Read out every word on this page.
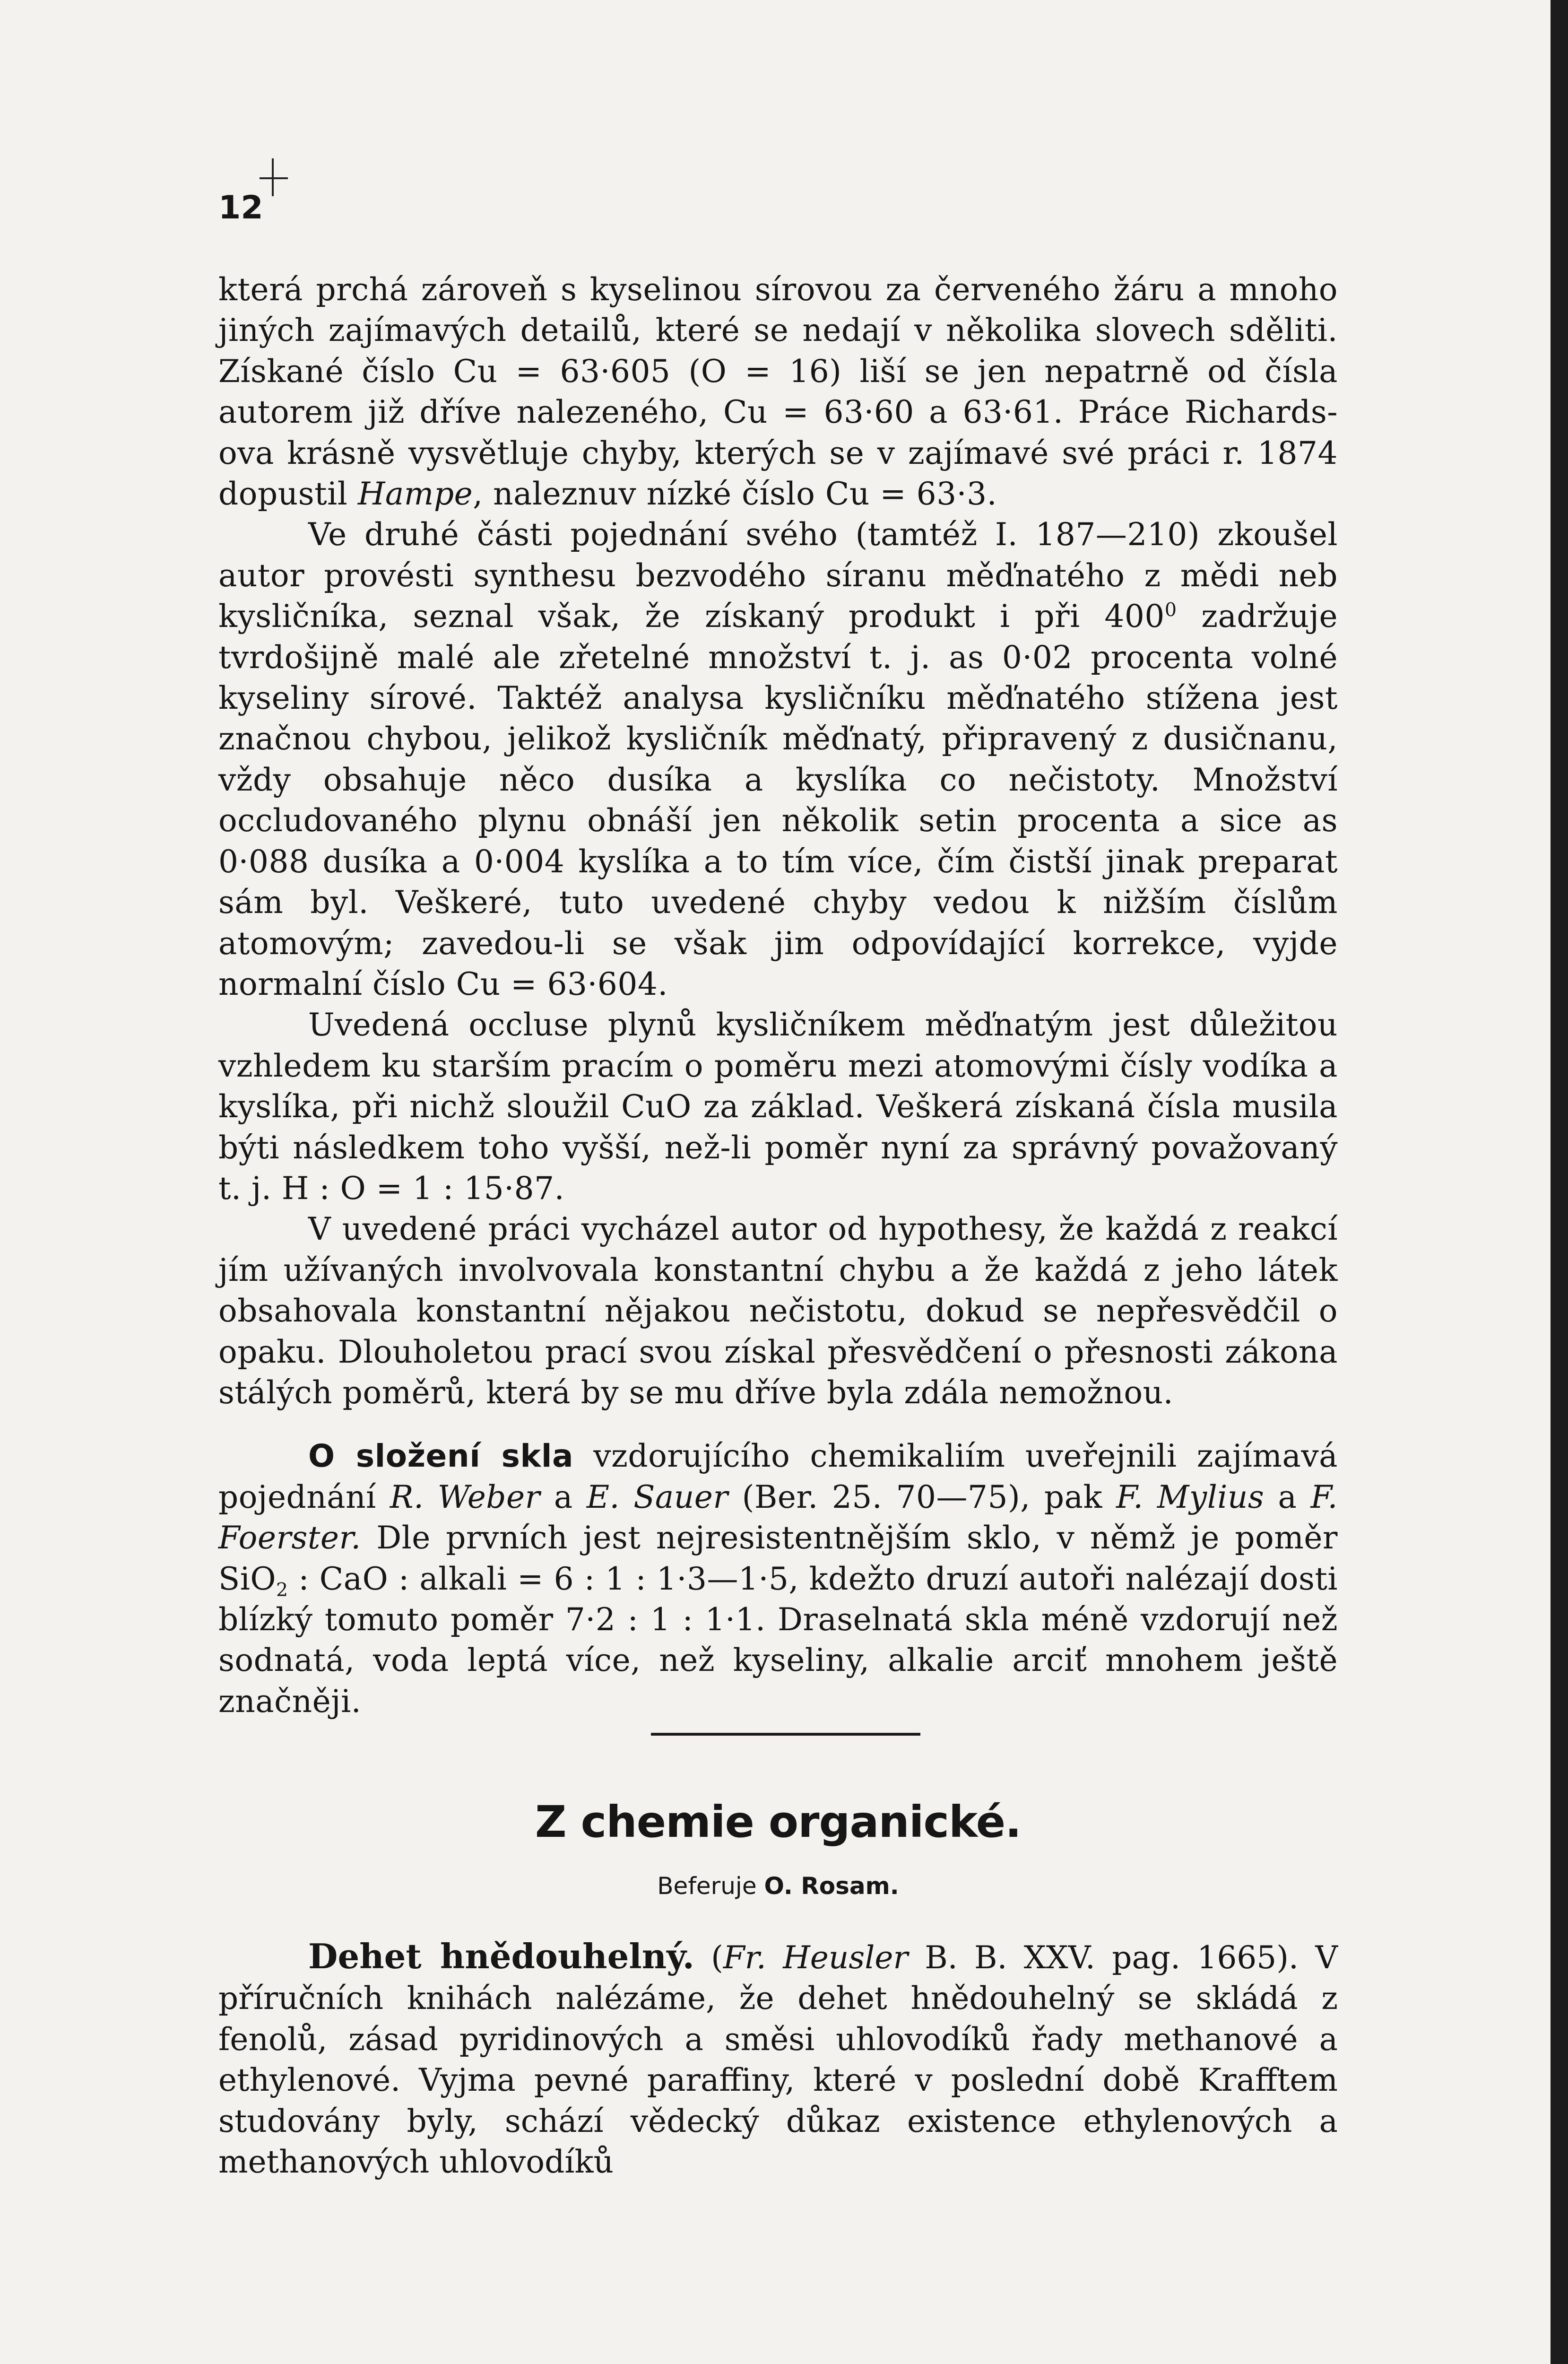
12

která prchá zároveň s kyselinou sírovou za červeného žáru a mnoho jiných zajímavých detailů, které se nedají v několika slovech sděliti. Získané číslo Cu = 63·605 (O = 16) liší se jen nepatrně od čísla autorem již dříve nalezeného, Cu = 63·60 a 63·61. Práce Richards-ova krásně vysvětluje chyby, kterých se v zajímavé své práci r. 1874 dopustil Hampe, naleznuv nízké číslo Cu = 63·3.

Ve druhé části pojednání svého (tamtéž I. 187—210) zkoušel autor provésti synthesu bezvodého síranu měďnatého z mědi neb kysličníka, seznal však, že získaný produkt i při $400^0$ zadržuje tvrdošijně malé ale zřetelné množství t. j. as 0·02 procenta volné kyseliny sírové. Taktéž analysa kysličníku měďnatého stížena jest značnou chybou, jelikož kysličník měďnatý, připravený z dusičnanu, vždy obsahuje něco dusíka a kyslíka co nečistoty. Množství occludovaného plynu obnáší jen několik setin procenta a sice as 0·088 dusíka a 0·004 kyslíka a to tím více, čím čistší jinak preparat sám byl. Veškeré, tuto uvedené chyby vedou k nižším číslům atomovým; zavedou-li se však jim odpovídající korrekce, vyjde normalní číslo Cu = 63·604.

Uvedená occluse plynů kysličníkem měďnatým jest důležitou vzhledem ku starším pracím o poměru mezi atomovými čísly vodíka a kyslíka, při nichž sloužil CuO za základ. Veškerá získaná čísla musila býti následkem toho vyšší, než-li poměr nyní za správný považovaný t. j. H : O = 1 : 15·87.

V uvedené práci vycházel autor od hypothesy, že každá z reakcí jím užívaných involvovala konstantní chybu a že každá z jeho látek obsahovala konstantní nějakou nečistotu, dokud se nepřesvědčil o opaku. Dlouholetou prací svou získal přesvědčení o přesnosti zákona stálých poměrů, která by se mu dříve byla zdála nemožnou.

O složení skla vzdorujícího chemikaliím uveřejnili zajímavá pojednání R. Weber a E. Sauer (Ber. 25. 70—75), pak F. Mylius a F. Foerster. Dle prvních jest nejresistentnějším sklo, v němž je poměr SiO$_2$ : CaO : alkali = 6 : 1 : 1·3—1·5, kdežto druzí autoři nalézají dosti blízký tomuto poměr 7·2 : 1 : 1·1. Draselnatá skla méně vzdorují než sodnatá, voda leptá více, než kyseliny, alkalie arciť mnohem ještě značněji.

Z chemie organické.
Beferuje O. Rosam.

Dehet hnědouhelný. (Fr. Heusler B. B. XXV. pag. 1665). V příručních knihách nalézáme, že dehet hnědouhelný se skládá z fenolů, zásad pyridinových a směsi uhlovodíků řady methanové a ethylenové. Vyjma pevné paraffiny, které v poslední době Krafftem studovány byly, schází vědecký důkaz existence ethylenových a methanových uhlovodíků
